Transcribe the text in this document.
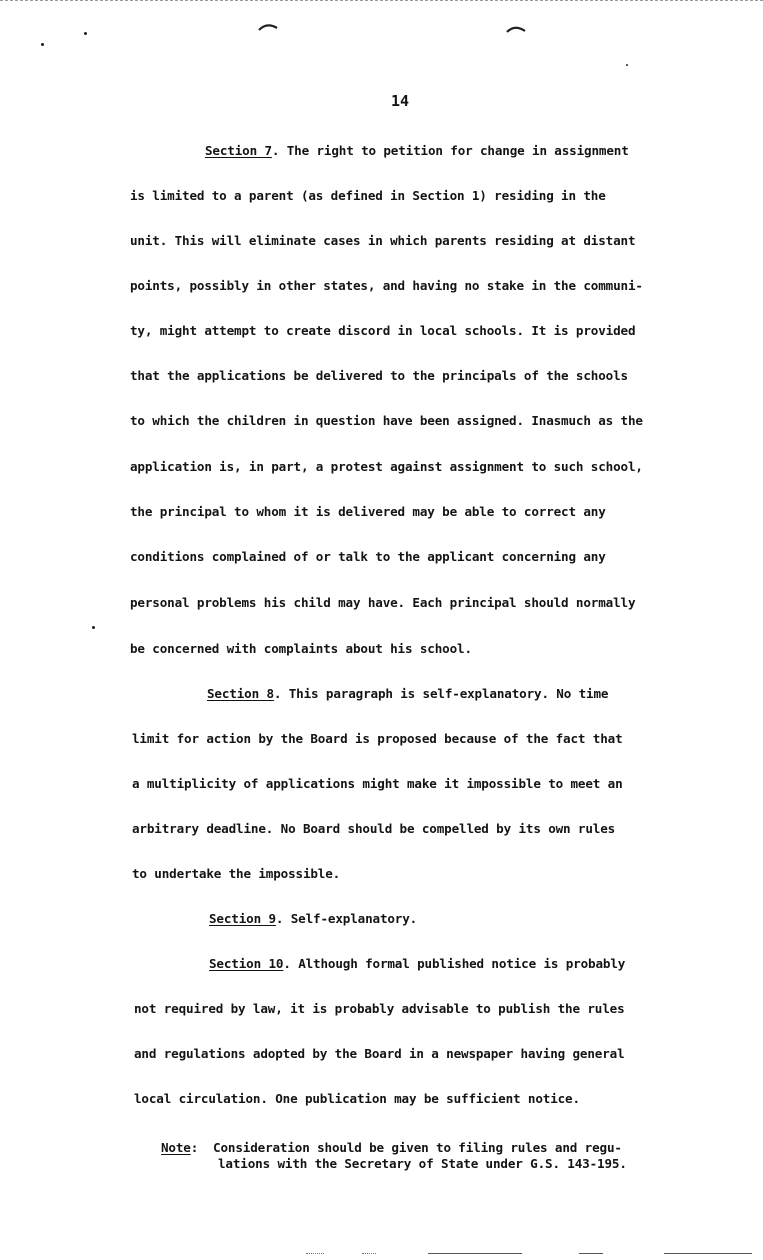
14
Section 7. The right to petition for change in assignment
is limited to a parent (as defined in Section 1) residing in the
unit. This will eliminate cases in which parents residing at distant
points, possibly in other states, and having no stake in the communi-
ty, might attempt to create discord in local schools. It is provided
that the applications be delivered to the principals of the schools
to which the children in question have been assigned. Inasmuch as the
application is, in part, a protest against assignment to such school,
the principal to whom it is delivered may be able to correct any
conditions complained of or talk to the applicant concerning any
personal problems his child may have. Each principal should normally
be concerned with complaints about his school.
Section 8. This paragraph is self-explanatory. No time
limit for action by the Board is proposed because of the fact that
a multiplicity of applications might make it impossible to meet an
arbitrary deadline. No Board should be compelled by its own rules
to undertake the impossible.
Section 9. Self-explanatory.
Section 10. Although formal published notice is probably
not required by law, it is probably advisable to publish the rules
and regulations adopted by the Board in a newspaper having general
local circulation. One publication may be sufficient notice.
Note: Consideration should be given to filing rules and regu-
lations with the Secretary of State under G.S. 143-195.
